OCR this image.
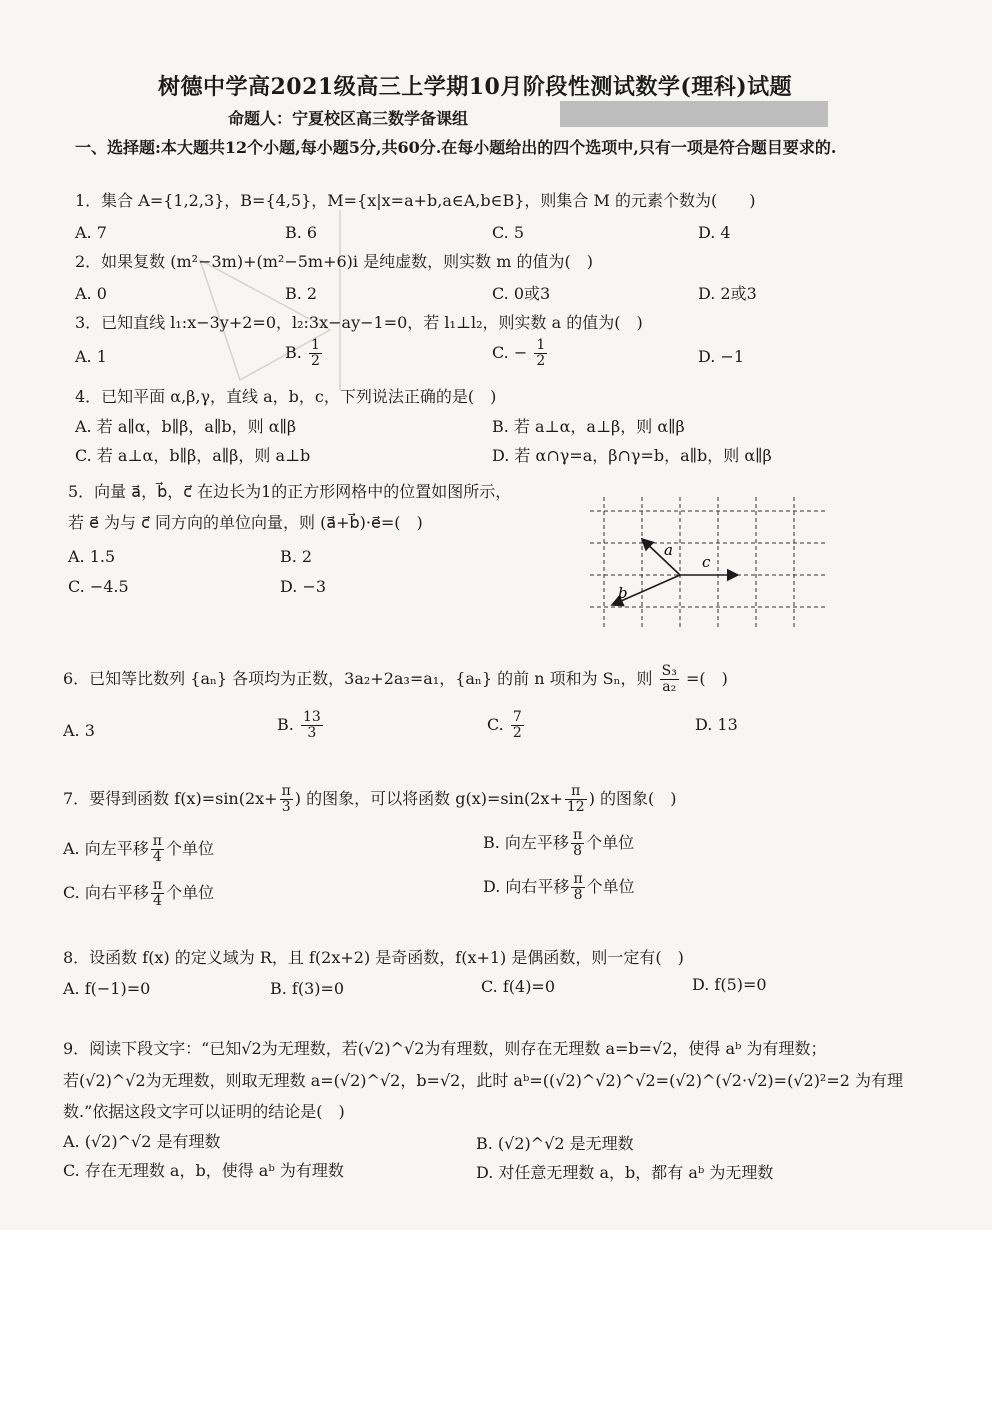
树德中学高2021级高三上学期10月阶段性测试数学(理科)试题
命题人：宁夏校区高三数学备课组
一、选择题:本大题共12个小题,每小题5分,共60分.在每小题给出的四个选项中,只有一项是符合题目要求的.
1．集合 A={1,2,3}，B={4,5}，M={x|x=a+b,a∈A,b∈B}，则集合 M 的元素个数为(　　)
A. 7	B. 6	C. 5	D. 4
2．如果复数 (m²−3m)+(m²−5m+6)i 是纯虚数，则实数 m 的值为(　)
A. 0	B. 2	C. 0或3	D. 2或3
3．已知直线 l₁:x−3y+2=0，l₂:3x−ay−1=0，若 l₁⊥l₂，则实数 a 的值为(　)
A. 1	B. $\frac{1}{2}$	C. − $\frac{1}{2}$	D. −1
4．已知平面 α,β,γ，直线 a，b，c，下列说法正确的是(　)
A. 若 a∥α，b∥β，a∥b，则 α∥β	B. 若 a⊥α，a⊥β，则 α∥β
C. 若 a⊥α，b∥β，a∥β，则 a⊥b	D. 若 α∩γ=a，β∩γ=b，a∥b，则 α∥β
5．向量 a⃗，b⃗，c⃗ 在边长为1的正方形网格中的位置如图所示，
若 e⃗ 为与 c⃗ 同方向的单位向量，则 (a⃗+b⃗)·e⃗=(　)
A. 1.5	B. 2
C. −4.5	D. −3
a
c
b
6．已知等比数列 {aₙ} 各项均为正数，3a₂+2a₃=a₁，{aₙ} 的前 n 项和为 Sₙ，则 $\frac{\text{S₃}}{\text{a₂}}$ =(　)
A. 3	B. $\frac{13}{3}$	C. $\frac{7}{2}$	D. 13
7．要得到函数 $f(x)=\sin(2x+ \frac{\pi}{3}$ ) 的图象，可以将函数 $g(x)=\sin(2x+ \frac{\pi}{12}$ ) 的图象(　)
A. 向左平移 $\frac{\pi}{4}$ 个单位	B. 向左平移 $\frac{\pi}{8}$ 个单位
C. 向右平移 $\frac{\pi}{4}$ 个单位	D. 向右平移 $\frac{\pi}{8}$ 个单位
8．设函数 f(x) 的定义域为 R，且 f(2x+2) 是奇函数，f(x+1) 是偶函数，则一定有(　)
A. f(−1)=0	B. f(3)=0	C. f(4)=0	D. f(5)=0
9．阅读下段文字：“已知√2为无理数，若(√2)^√2为有理数，则存在无理数 a=b=√2，使得 aᵇ 为有理数；
若(√2)^√2为无理数，则取无理数 a=(√2)^√2，b=√2，此时 aᵇ=((√2)^√2)^√2=(√2)^(√2·√2)=(√2)²=2 为有理
数.”依据这段文字可以证明的结论是(　)
A. (√2)^√2 是有理数	B. (√2)^√2 是无理数
C. 存在无理数 a，b，使得 aᵇ 为有理数	D. 对任意无理数 a，b，都有 aᵇ 为无理数
